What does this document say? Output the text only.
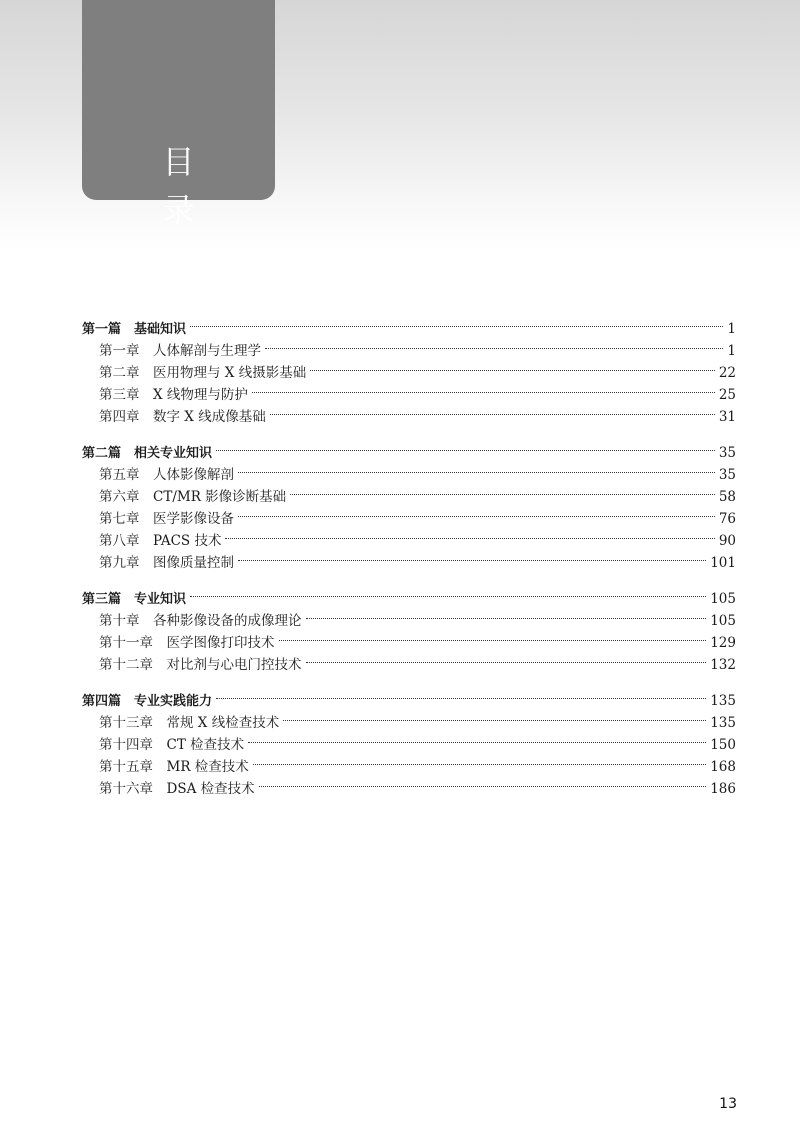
目 录
第一篇　基础知识	1
第一章　人体解剖与生理学	1
第二章　医用物理与 X 线摄影基础	22
第三章　X 线物理与防护	25
第四章　数字 X 线成像基础	31
第二篇　相关专业知识	35
第五章　人体影像解剖	35
第六章　CT/MR 影像诊断基础	58
第七章　医学影像设备	76
第八章　PACS 技术	90
第九章　图像质量控制	101
第三篇　专业知识	105
第十章　各种影像设备的成像理论	105
第十一章　医学图像打印技术	129
第十二章　对比剂与心电门控技术	132
第四篇　专业实践能力	135
第十三章　常规 X 线检查技术	135
第十四章　CT 检查技术	150
第十五章　MR 检查技术	168
第十六章　DSA 检查技术	186
13
